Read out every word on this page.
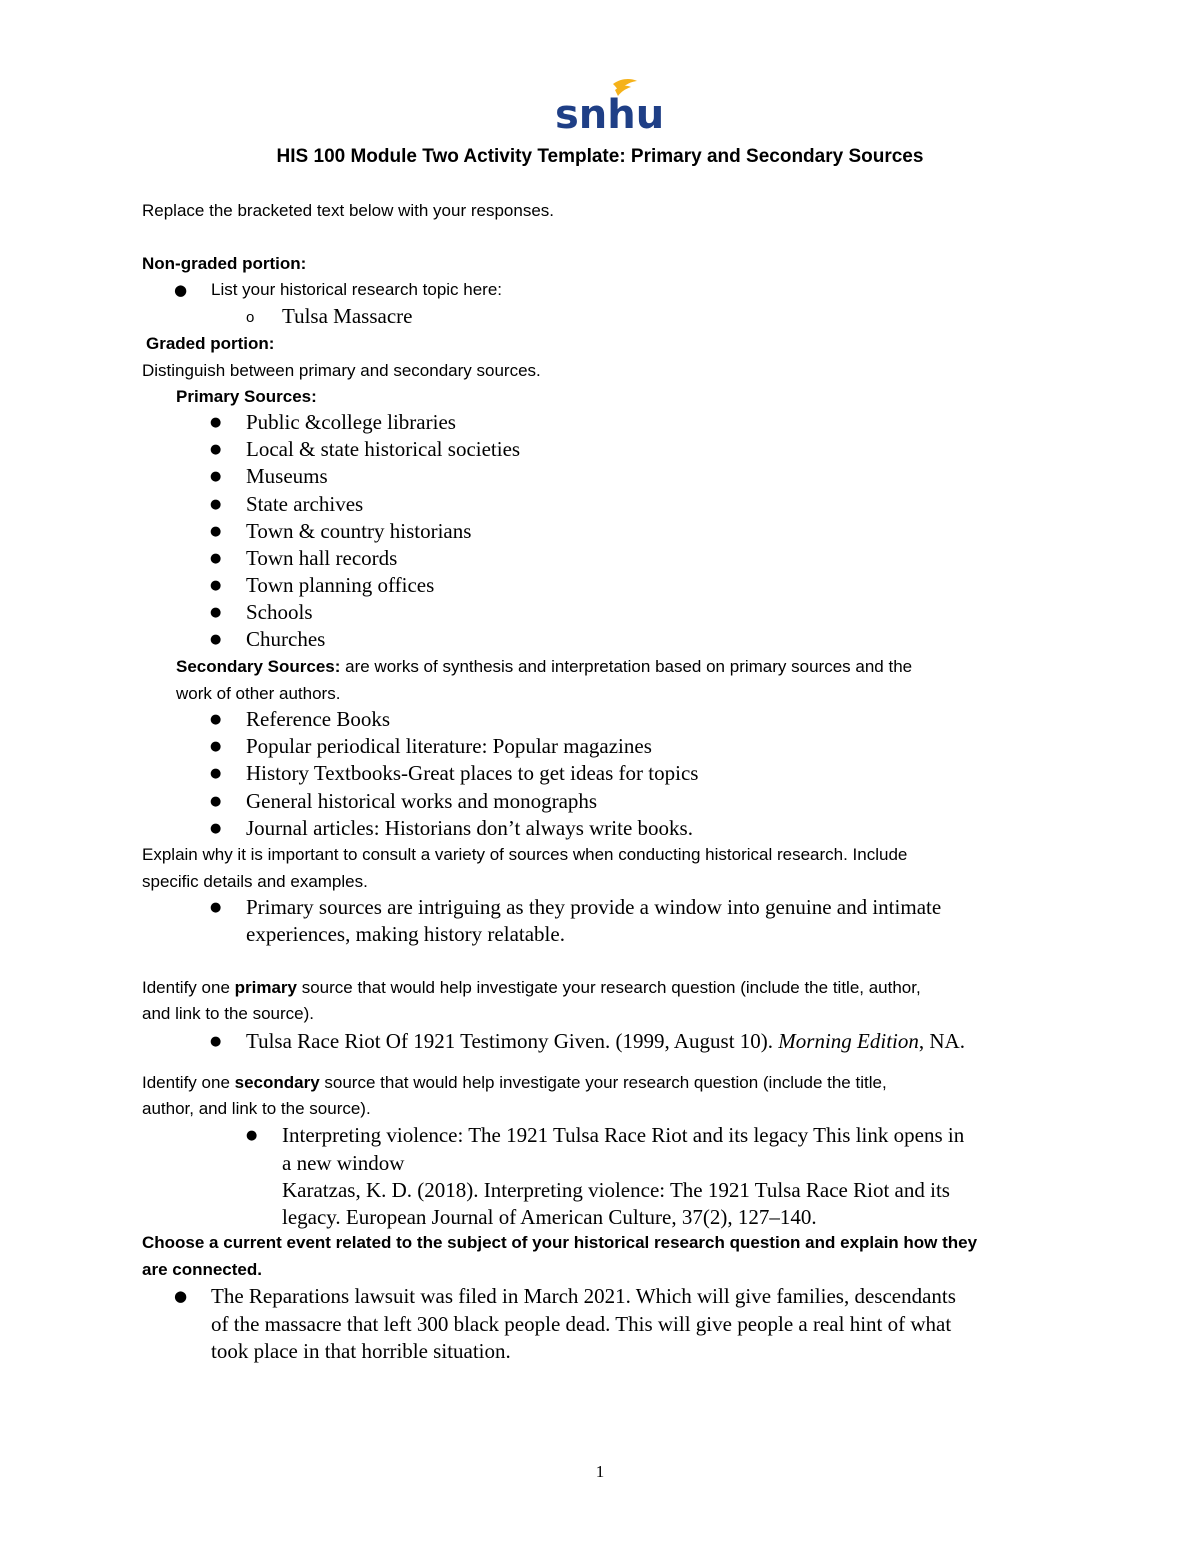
snhu
HIS 100 Module Two Activity Template: Primary and Secondary Sources
Replace the bracketed text below with your responses.
Non-graded portion:
● List your historical research topic here:
o Tulsa Massacre
Graded portion:
Distinguish between primary and secondary sources.
Primary Sources:
● Public &college libraries
● Local & state historical societies
● Museums
● State archives
● Town & country historians
● Town hall records
● Town planning offices
● Schools
● Churches
Secondary Sources: are works of synthesis and interpretation based on primary sources and the
work of other authors.
● Reference Books
● Popular periodical literature: Popular magazines
● History Textbooks-Great places to get ideas for topics
● General historical works and monographs
● Journal articles: Historians don’t always write books.
Explain why it is important to consult a variety of sources when conducting historical research. Include
specific details and examples.
● Primary sources are intriguing as they provide a window into genuine and intimate
experiences, making history relatable.
Identify one primary source that would help investigate your research question (include the title, author,
and link to the source).
● Tulsa Race Riot Of 1921 Testimony Given. (1999, August 10). Morning Edition, NA.
Identify one secondary source that would help investigate your research question (include the title,
author, and link to the source).
● Interpreting violence: The 1921 Tulsa Race Riot and its legacy This link opens in
a new window
Karatzas, K. D. (2018). Interpreting violence: The 1921 Tulsa Race Riot and its
legacy. European Journal of American Culture, 37(2), 127–140.
Choose a current event related to the subject of your historical research question and explain how they
are connected.
● The Reparations lawsuit was filed in March 2021. Which will give families, descendants
of the massacre that left 300 black people dead. This will give people a real hint of what
took place in that horrible situation.
1
